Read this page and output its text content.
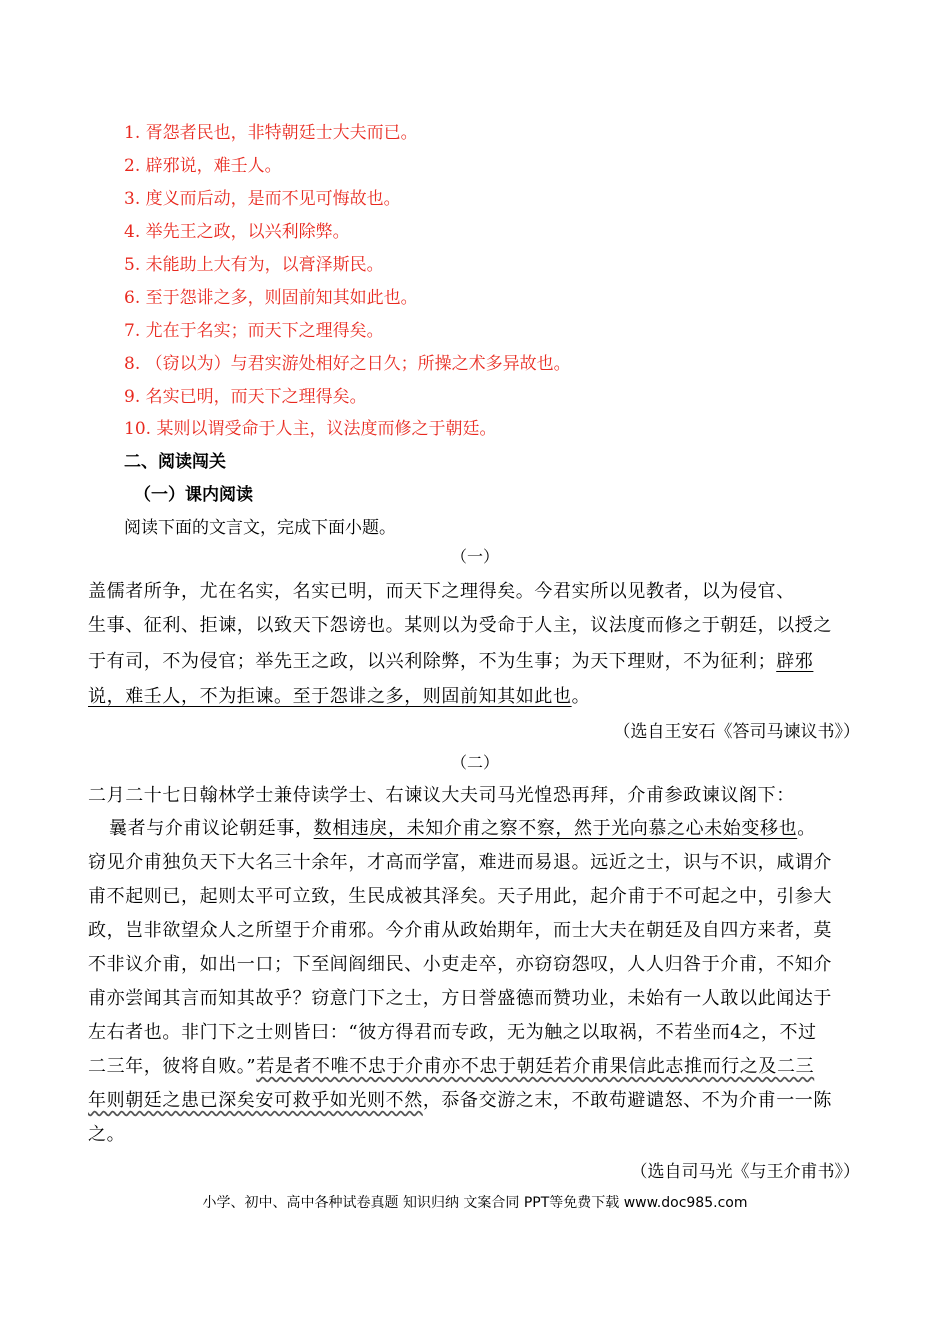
1. 胥怨者民也，非特朝廷士大夫而已。
2. 辟邪说，难壬人。
3. 度义而后动，是而不见可悔故也。
4. 举先王之政，以兴利除弊。
5. 未能助上大有为，以膏泽斯民。
6. 至于怨诽之多，则固前知其如此也。
7. 尤在于名实；而天下之理得矣。
8. （窃以为）与君实游处相好之日久；所操之术多异故也。
9. 名实已明，而天下之理得矣。
10. 某则以谓受命于人主，议法度而修之于朝廷。
二、阅读闯关
（一）课内阅读
阅读下面的文言文，完成下面小题。
（一）
盖儒者所争，尤在名实，名实已明，而天下之理得矣。今君实所以见教者，以为侵官、
生事、征利、拒谏，以致天下怨谤也。某则以为受命于人主，议法度而修之于朝廷，以授之
于有司，不为侵官；举先王之政，以兴利除弊，不为生事；为天下理财，不为征利；辟邪
说，难壬人，不为拒谏。至于怨诽之多，则固前知其如此也。
（选自王安石《答司马谏议书》）
（二）
二月二十七日翰林学士兼侍读学士、右谏议大夫司马光惶恐再拜，介甫参政谏议阁下：
曩者与介甫议论朝廷事，数相违戾，未知介甫之察不察，然于光向慕之心未始变移也。
窃见介甫独负天下大名三十余年，才高而学富，难进而易退。远近之士，识与不识，咸谓介
甫不起则已，起则太平可立致，生民成被其泽矣。天子用此，起介甫于不可起之中，引参大
政，岂非欲望众人之所望于介甫邪。今介甫从政始期年，而士大夫在朝廷及自四方来者，莫
不非议介甫，如出一口；下至闾阎细民、小吏走卒，亦窃窃怨叹，人人归咎于介甫，不知介
甫亦尝闻其言而知其故乎？窃意门下之士，方日誉盛德而赞功业，未始有一人敢以此闻达于
左右者也。非门下之士则皆曰：“彼方得君而专政，无为触之以取祸，不若坐而4之，不过
二三年，彼将自败。”若是者不唯不忠于介甫亦不忠于朝廷若介甫果信此志推而行之及二三
年则朝廷之患已深矣安可救乎如光则不然，忝备交游之末，不敢苟避谴怒、不为介甫一一陈
之。
（选自司马光《与王介甫书》）
小学、初中、高中各种试卷真题 知识归纳 文案合同 PPT等免费下载 www.doc985.com
